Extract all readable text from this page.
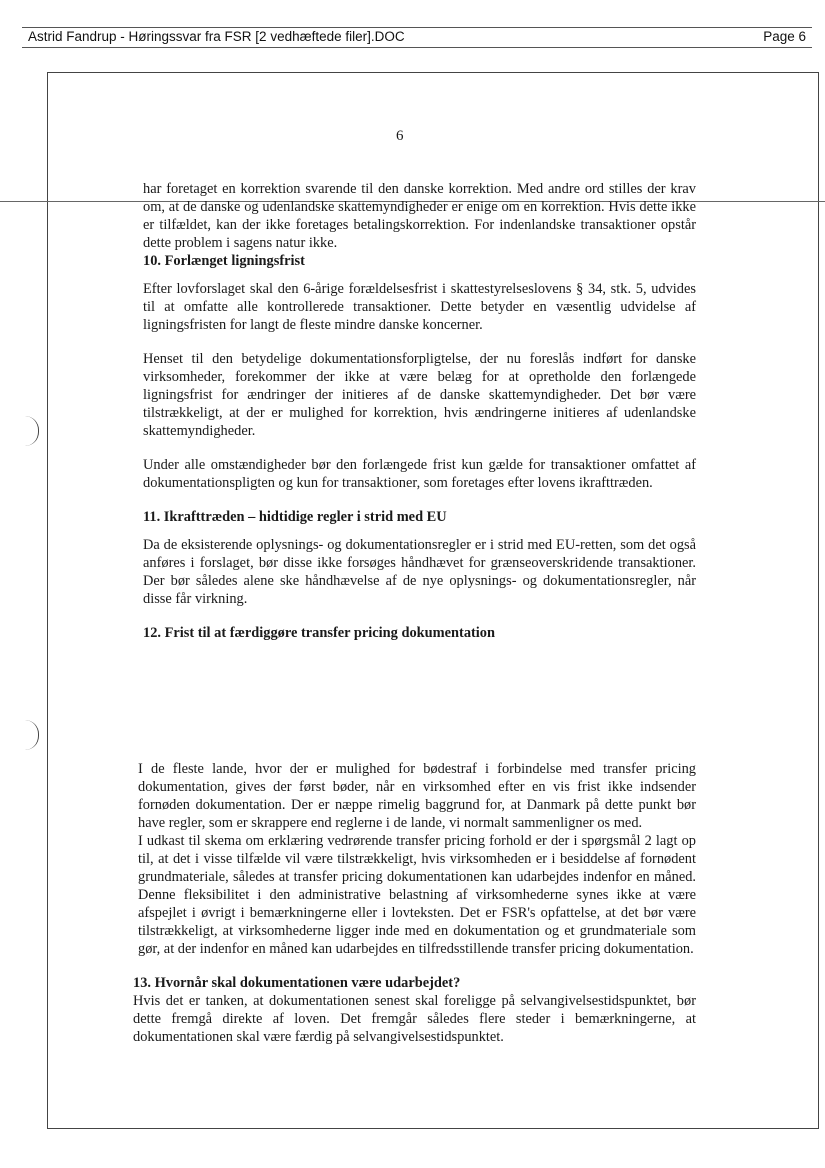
Astrid Fandrup - Høringssvar fra FSR [2 vedhæftede filer].DOC	Page 6
6

har foretaget en korrektion svarende til den danske korrektion. Med andre ord stilles der krav om, at de danske og udenlandske skattemyndigheder er enige om en korrektion. Hvis dette ikke er tilfældet, kan der ikke foretages betalingskorrektion. For indenlandske transaktioner opstår dette problem i sagens natur ikke.

10. Forlænget ligningsfrist

Efter lovforslaget skal den 6-årige forældelsesfrist i skattestyrelseslovens § 34, stk. 5, udvides til at omfatte alle kontrollerede transaktioner. Dette betyder en væsentlig udvidelse af ligningsfristen for langt de fleste mindre danske koncerner.

Henset til den betydelige dokumentationsforpligtelse, der nu foreslås indført for danske virksomheder, forekommer der ikke at være belæg for at opretholde den forlængede ligningsfrist for ændringer der initieres af de danske skattemyndigheder. Det bør være tilstrækkeligt, at der er mulighed for korrektion, hvis ændringerne initieres af udenlandske skattemyndigheder.

Under alle omstændigheder bør den forlængede frist kun gælde for transaktioner omfattet af dokumentationspligten og kun for transaktioner, som foretages efter lovens ikrafttræden.

11. Ikrafttræden – hidtidige regler i strid med EU

Da de eksisterende oplysnings- og dokumentationsregler er i strid med EU-retten, som det også anføres i forslaget, bør disse ikke forsøges håndhævet for grænseoverskridende transaktioner. Der bør således alene ske håndhævelse af de nye oplysnings- og dokumentationsregler, når disse får virkning.

12. Frist til at færdiggøre transfer pricing dokumentation

I de fleste lande, hvor der er mulighed for bødestraf i forbindelse med transfer pricing dokumentation, gives der først bøder, når en virksomhed efter en vis frist ikke indsender fornøden dokumentation. Der er næppe rimelig baggrund for, at Danmark på dette punkt bør have regler, som er skrappere end reglerne i de lande, vi normalt sammenligner os med.

I udkast til skema om erklæring vedrørende transfer pricing forhold er der i spørgsmål 2 lagt op til, at det i visse tilfælde vil være tilstrækkeligt, hvis virksomheden er i besiddelse af fornødent grundmateriale, således at transfer pricing dokumentationen kan udarbejdes indenfor en måned. Denne fleksibilitet i den administrative belastning af virksomhederne synes ikke at være afspejlet i øvrigt i bemærkningerne eller i lovteksten. Det er FSR's opfattelse, at det bør være tilstrækkeligt, at virksomhederne ligger inde med en dokumentation og et grundmateriale som gør, at der indenfor en måned kan udarbejdes en tilfredsstillende transfer pricing dokumentation.

13. Hvornår skal dokumentationen være udarbejdet?

Hvis det er tanken, at dokumentationen senest skal foreligge på selvangivelsestidspunktet, bør dette fremgå direkte af loven. Det fremgår således flere steder i bemærkningerne, at dokumentationen skal være færdig på selvangivelsestidspunktet.
